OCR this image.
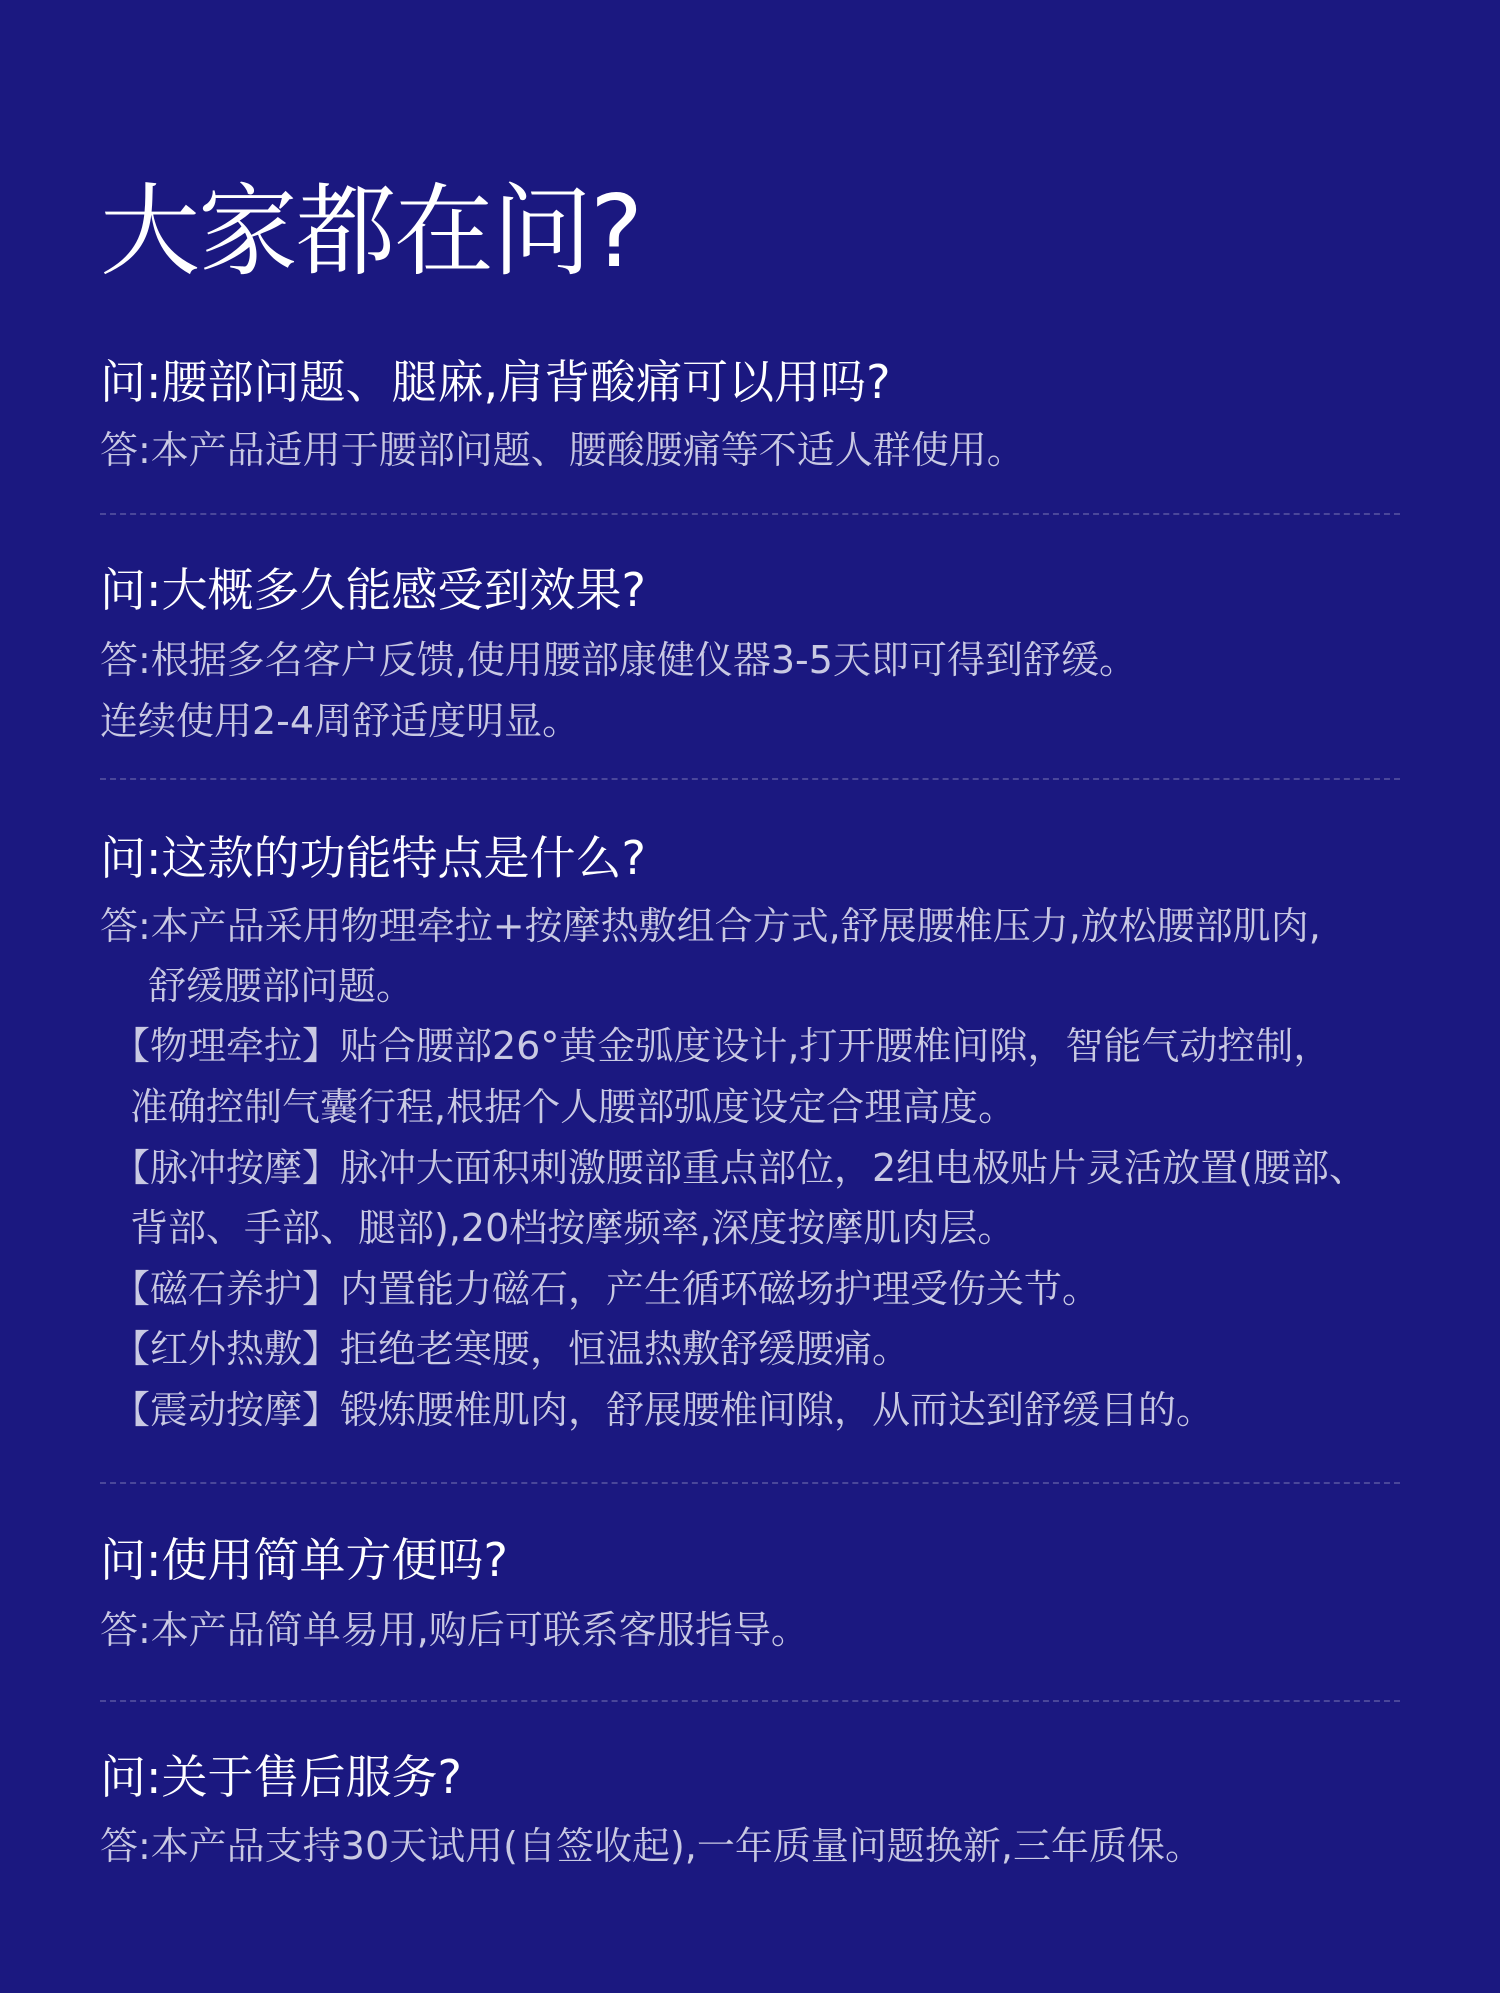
大家都在问?
问:腰部问题、腿麻,肩背酸痛可以用吗?
答:本产品适用于腰部问题、腰酸腰痛等不适人群使用。
问:大概多久能感受到效果?
答:根据多名客户反馈,使用腰部康健仪器3-5天即可得到舒缓。
连续使用2-4周舒适度明显。
问:这款的功能特点是什么?
答:本产品采用物理牵拉+按摩热敷组合方式,舒展腰椎压力,放松腰部肌肉,
舒缓腰部问题。
【物理牵拉】贴合腰部26°黄金弧度设计,打开腰椎间隙，智能气动控制，
准确控制气囊行程,根据个人腰部弧度设定合理高度。
【脉冲按摩】脉冲大面积刺激腰部重点部位，2组电极贴片灵活放置(腰部、
背部、手部、腿部),20档按摩频率,深度按摩肌肉层。
【磁石养护】内置能力磁石，产生循环磁场护理受伤关节。
【红外热敷】拒绝老寒腰，恒温热敷舒缓腰痛。
【震动按摩】锻炼腰椎肌肉，舒展腰椎间隙，从而达到舒缓目的。
问:使用简单方便吗?
答:本产品简单易用,购后可联系客服指导。
问:关于售后服务?
答:本产品支持30天试用(自签收起),一年质量问题换新,三年质保。
